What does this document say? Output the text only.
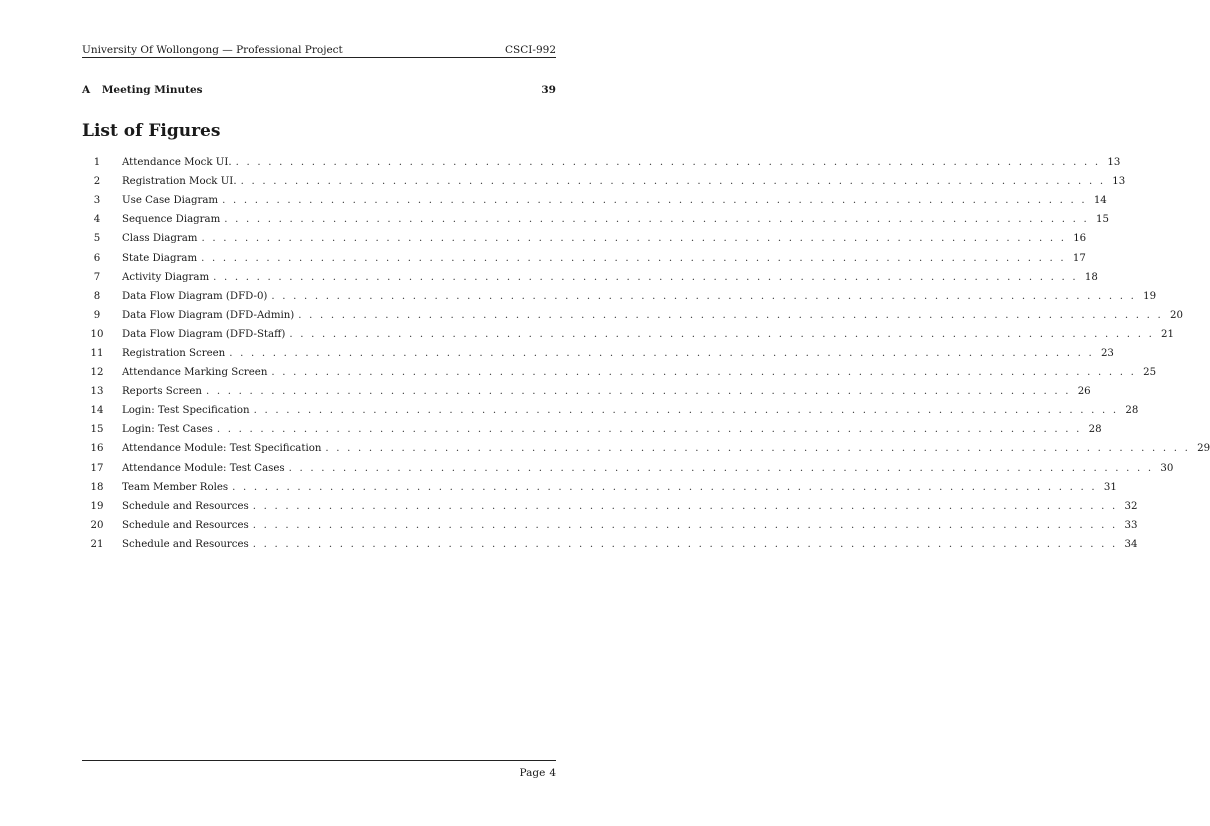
University Of Wollongong — Professional Project	CSCI-992
A Meeting Minutes	39
List of Figures
1	Attendance Mock UI. . . . . . . . . . . . . . . . . . . . . . . . . . . . . . . . . . . . . . . . . . . . . . . . . . . . . . . . . . . . . . . . . . . . . . . . . . . . . . . . . 13
2	Registration Mock UI. . . . . . . . . . . . . . . . . . . . . . . . . . . . . . . . . . . . . . . . . . . . . . . . . . . . . . . . . . . . . . . . . . . . . . . . . . . . . . . . . 13
3	Use Case Diagram . . . . . . . . . . . . . . . . . . . . . . . . . . . . . . . . . . . . . . . . . . . . . . . . . . . . . . . . . . . . . . . . . . . . . . . . . . . . . . . . 14
4	Sequence Diagram . . . . . . . . . . . . . . . . . . . . . . . . . . . . . . . . . . . . . . . . . . . . . . . . . . . . . . . . . . . . . . . . . . . . . . . . . . . . . . . . 15
5	Class Diagram . . . . . . . . . . . . . . . . . . . . . . . . . . . . . . . . . . . . . . . . . . . . . . . . . . . . . . . . . . . . . . . . . . . . . . . . . . . . . . . . 16
6	State Diagram . . . . . . . . . . . . . . . . . . . . . . . . . . . . . . . . . . . . . . . . . . . . . . . . . . . . . . . . . . . . . . . . . . . . . . . . . . . . . . . . 17
7	Activity Diagram . . . . . . . . . . . . . . . . . . . . . . . . . . . . . . . . . . . . . . . . . . . . . . . . . . . . . . . . . . . . . . . . . . . . . . . . . . . . . . . . 18
8	Data Flow Diagram (DFD-0) . . . . . . . . . . . . . . . . . . . . . . . . . . . . . . . . . . . . . . . . . . . . . . . . . . . . . . . . . . . . . . . . . . . . . . . . . . . . . . . . 19
9	Data Flow Diagram (DFD-Admin) . . . . . . . . . . . . . . . . . . . . . . . . . . . . . . . . . . . . . . . . . . . . . . . . . . . . . . . . . . . . . . . . . . . . . . . . . . . . . . . . 20
10 Data Flow Diagram (DFD-Staff) . . . . . . . . . . . . . . . . . . . . . . . . . . . . . . . . . . . . . . . . . . . . . . . . . . . . . . . . . . . . . . . . . . . . . . . . . . . . . . . . 21
11 Registration Screen . . . . . . . . . . . . . . . . . . . . . . . . . . . . . . . . . . . . . . . . . . . . . . . . . . . . . . . . . . . . . . . . . . . . . . . . . . . . . . . . 23
12 Attendance Marking Screen . . . . . . . . . . . . . . . . . . . . . . . . . . . . . . . . . . . . . . . . . . . . . . . . . . . . . . . . . . . . . . . . . . . . . . . . . . . . . . . . 25
13 Reports Screen . . . . . . . . . . . . . . . . . . . . . . . . . . . . . . . . . . . . . . . . . . . . . . . . . . . . . . . . . . . . . . . . . . . . . . . . . . . . . . . . 26
14 Login: Test Specification . . . . . . . . . . . . . . . . . . . . . . . . . . . . . . . . . . . . . . . . . . . . . . . . . . . . . . . . . . . . . . . . . . . . . . . . . . . . . . . . 28
15 Login: Test Cases . . . . . . . . . . . . . . . . . . . . . . . . . . . . . . . . . . . . . . . . . . . . . . . . . . . . . . . . . . . . . . . . . . . . . . . . . . . . . . . . 28
16 Attendance Module: Test Specification . . . . . . . . . . . . . . . . . . . . . . . . . . . . . . . . . . . . . . . . . . . . . . . . . . . . . . . . . . . . . . . . . . . . . . . . . . . . . . . . 29
17 Attendance Module: Test Cases . . . . . . . . . . . . . . . . . . . . . . . . . . . . . . . . . . . . . . . . . . . . . . . . . . . . . . . . . . . . . . . . . . . . . . . . . . . . . . . . 30
18 Team Member Roles . . . . . . . . . . . . . . . . . . . . . . . . . . . . . . . . . . . . . . . . . . . . . . . . . . . . . . . . . . . . . . . . . . . . . . . . . . . . . . . . 31
19 Schedule and Resources . . . . . . . . . . . . . . . . . . . . . . . . . . . . . . . . . . . . . . . . . . . . . . . . . . . . . . . . . . . . . . . . . . . . . . . . . . . . . . . . 32
20 Schedule and Resources . . . . . . . . . . . . . . . . . . . . . . . . . . . . . . . . . . . . . . . . . . . . . . . . . . . . . . . . . . . . . . . . . . . . . . . . . . . . . . . . 33
21 Schedule and Resources . . . . . . . . . . . . . . . . . . . . . . . . . . . . . . . . . . . . . . . . . . . . . . . . . . . . . . . . . . . . . . . . . . . . . . . . . . . . . . . . 34
Page 4
